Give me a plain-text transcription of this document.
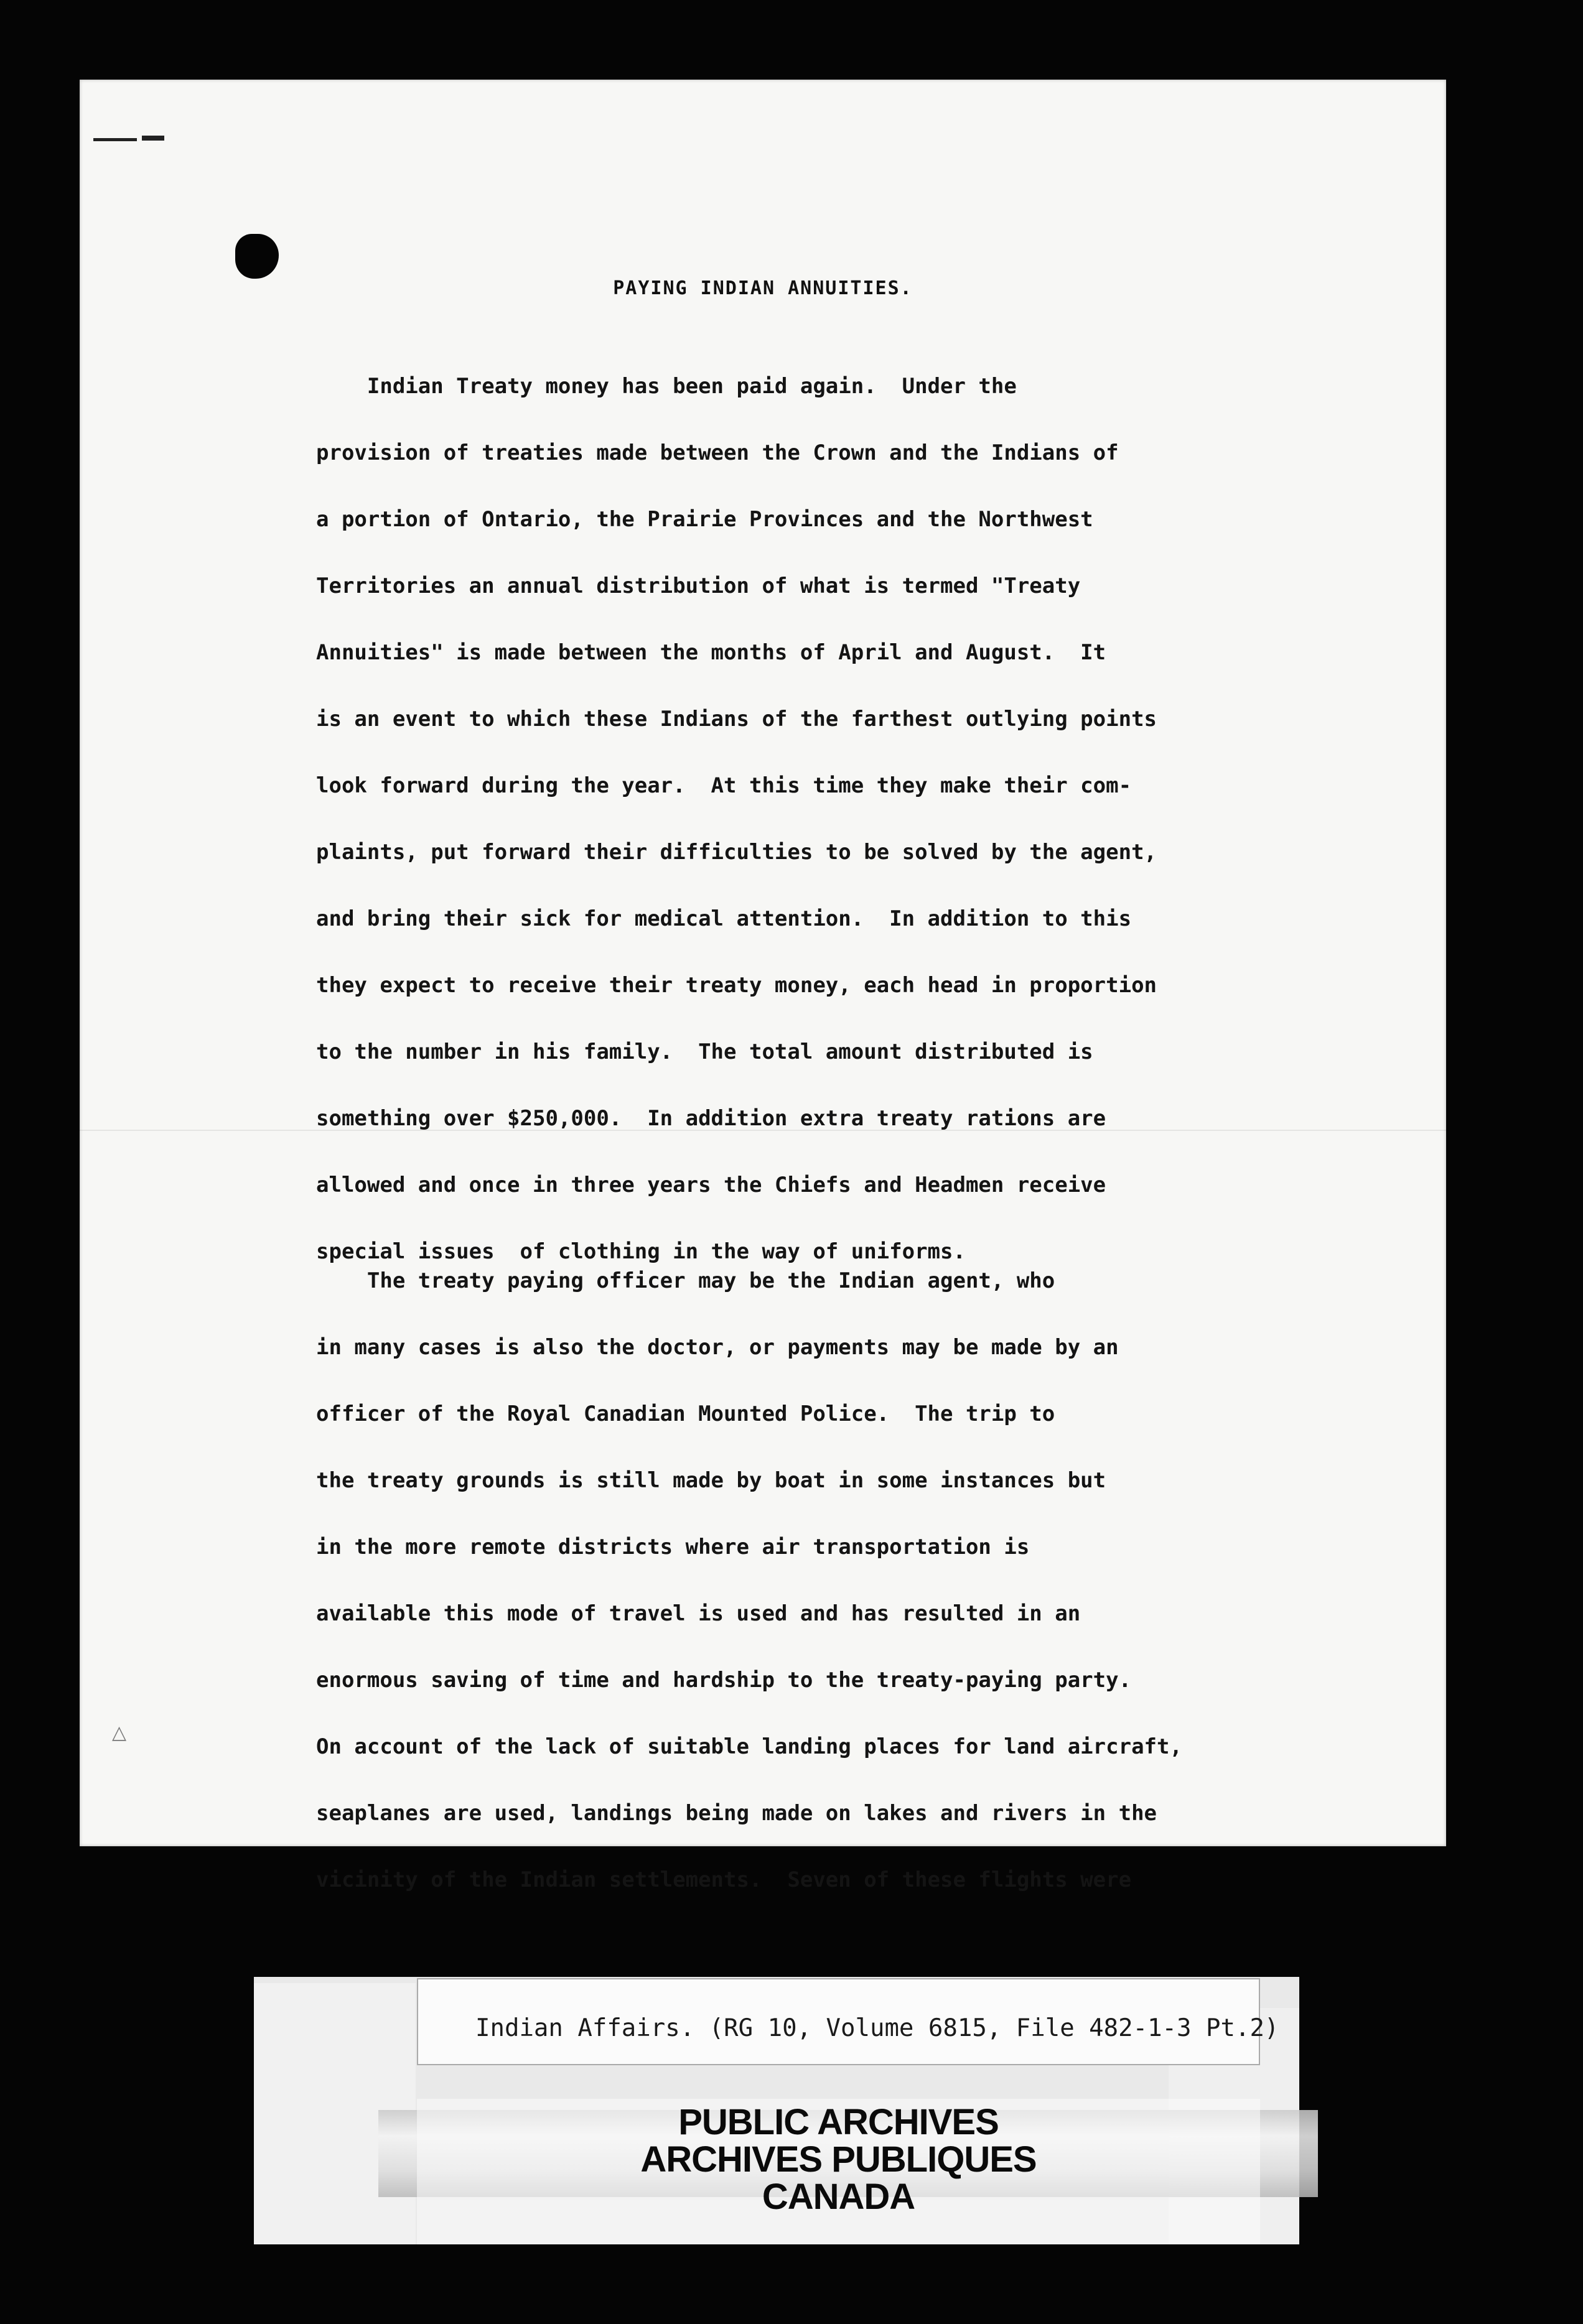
PAYING INDIAN ANNUITIES.
Indian Treaty money has been paid again.  Under the
provision of treaties made between the Crown and the Indians of
a portion of Ontario, the Prairie Provinces and the Northwest
Territories an annual distribution of what is termed "Treaty
Annuities" is made between the months of April and August.  It
is an event to which these Indians of the farthest outlying points
look forward during the year.  At this time they make their com-
plaints, put forward their difficulties to be solved by the agent,
and bring their sick for medical attention.  In addition to this
they expect to receive their treaty money, each head in proportion
to the number in his family.  The total amount distributed is
something over $250,000.  In addition extra treaty rations are
allowed and once in three years the Chiefs and Headmen receive
special issues  of clothing in the way of uniforms.
The treaty paying officer may be the Indian agent, who
in many cases is also the doctor, or payments may be made by an
officer of the Royal Canadian Mounted Police.  The trip to
the treaty grounds is still made by boat in some instances but
in the more remote districts where air transportation is
available this mode of travel is used and has resulted in an
enormous saving of time and hardship to the treaty-paying party.
On account of the lack of suitable landing places for land aircraft,
seaplanes are used, landings being made on lakes and rivers in the
vicinity of the Indian settlements.  Seven of these flights were
△

Indian Affairs. (RG 10, Volume 6815, File 482-1-3 Pt.2)

PUBLIC ARCHIVES

ARCHIVES PUBLIQUES

CANADA
